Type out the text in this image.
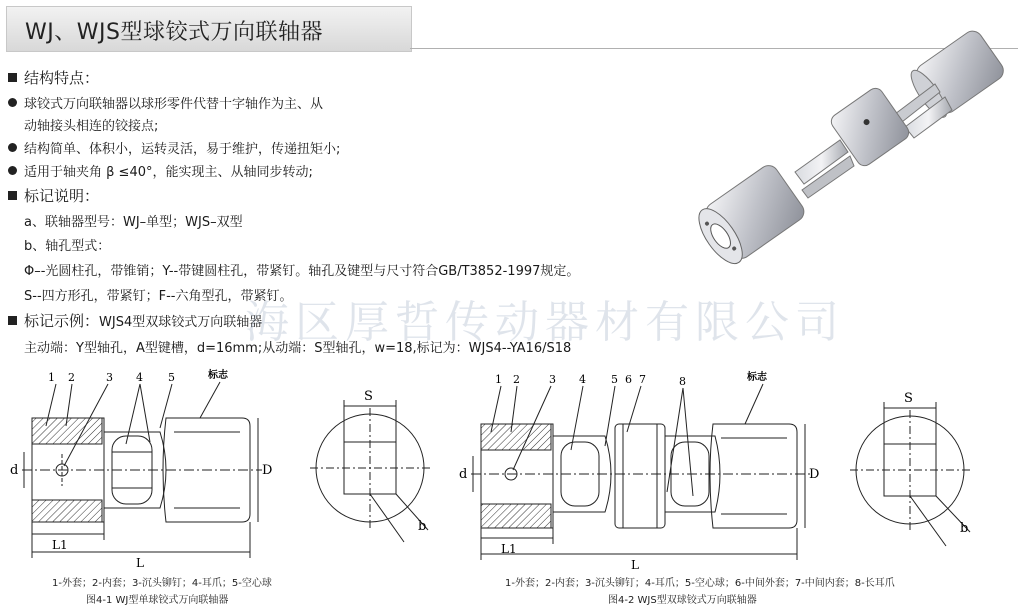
WJ、WJS型球铰式万向联轴器
结构特点：
球铰式万向联轴器以球形零件代替十字轴作为主、从
动轴接头相连的铰接点;
结构简单、体积小，运转灵活，易于维护，传递扭矩小;
适用于轴夹角 β ≤40°，能实现主、从轴同步转动;
标记说明：
a、联轴器型号：WJ–单型；WJS–双型
b、轴孔型式：
Φ–-光圆柱孔，带锥销；Y--带键圆柱孔，带紧钉。轴孔及键型与尺寸符合GB/T3852-1997规定。
S--四方形孔，带紧钉；F--六角型孔，带紧钉。
标记示例：WJS4型双球铰式万向联轴器
主动端：Y型轴孔，A型键槽，d=16mm;从动端：S型轴孔，w=18,标记为：WJS4--YA16/S18
海区厚哲传动器材有限公司
1 2	3 4 5	标志
d	D
L1
L
S
b
1 2	3 4 5 6 7	8	标志
d	D
L1
L
S
b
1-外套；2-内套；3-沉头铆钉；4-耳爪；5-空心球
图4-1 WJ型单球铰式万向联轴器
1-外套；2-内套；3-沉头铆钉；4-耳爪；5-空心球；6-中间外套；7-中间内套；8-长耳爪
图4-2 WJS型双球铰式万向联轴器
